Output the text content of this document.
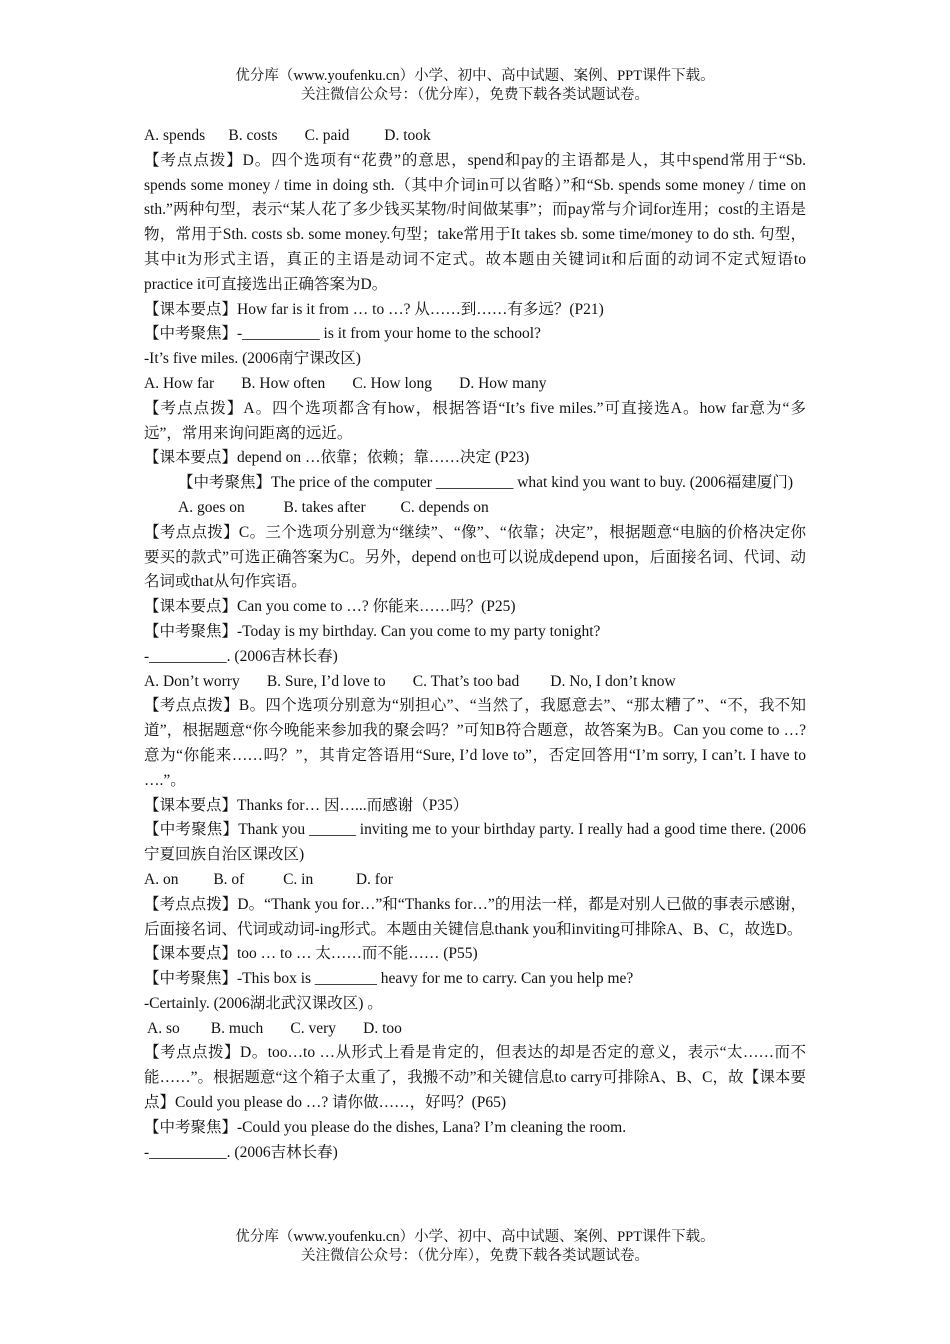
优分库（www.youfenku.cn）小学、初中、高中试题、案例、PPT课件下载。
关注微信公众号：（优分库），免费下载各类试题试卷。

A. spends      B. costs       C. paid         D. took

【考点点拨】D。四个选项有“花费”的意思，spend和pay的主语都是人，其中spend常用于“Sb. spends some money / time in doing sth.（其中介词in可以省略）”和“Sb. spends some money / time on sth.”两种句型，表示“某人花了多少钱买某物/时间做某事”；而pay常与介词for连用；cost的主语是物，常用于Sth. costs sb. some money.句型；take常用于It takes sb. some time/money to do sth. 句型，其中it为形式主语，真正的主语是动词不定式。故本题由关键词it和后面的动词不定式短语to practice it可直接选出正确答案为D。

【课本要点】How far is it from … to …? 从……到……有多远？(P21)

【中考聚焦】-__________ is it from your home to the school?

-It’s five miles. (2006南宁课改区)

A. How far       B. How often       C. How long       D. How many

【考点点拨】A。四个选项都含有how，根据答语“It’s five miles.”可直接选A。how far意为“多远”，常用来询问距离的远近。

【课本要点】depend on …依靠；依赖；靠……决定 (P23)

【中考聚焦】The price of the computer __________ what kind you want to buy. (2006福建厦门)

A. goes on          B. takes after         C. depends on

【考点点拨】C。三个选项分别意为“继续”、“像”、“依靠；决定”，根据题意“电脑的价格决定你要买的款式”可选正确答案为C。另外，depend on也可以说成depend upon，后面接名词、代词、动名词或that从句作宾语。

【课本要点】Can you come to …? 你能来……吗？(P25)

【中考聚焦】-Today is my birthday. Can you come to my party tonight?

-__________. (2006吉林长春)

A. Don’t worry       B. Sure, I’d love to       C. That’s too bad        D. No, I don’t know

【考点点拨】B。四个选项分别意为“别担心”、“当然了，我愿意去”、“那太糟了”、“不，我不知道”，根据题意“你今晚能来参加我的聚会吗？”可知B符合题意，故答案为B。Can you come to …?意为“你能来……吗？”，其肯定答语用“Sure, I’d love to”，否定回答用“I’m sorry, I can’t. I have to ….”。

【课本要点】Thanks for… 因…...而感谢（P35）

【中考聚焦】Thank you ______ inviting me to your birthday party. I really had a good time there. (2006宁夏回族自治区课改区)

A. on         B. of          C. in           D. for

【考点点拨】D。“Thank you for…”和“Thanks for…”的用法一样，都是对别人已做的事表示感谢，后面接名词、代词或动词-ing形式。本题由关键信息thank you和inviting可排除A、B、C，故选D。

【课本要点】too … to … 太……而不能…… (P55)

【中考聚焦】-This box is ________ heavy for me to carry. Can you help me?

-Certainly. (2006湖北武汉课改区) 。

A. so        B. much       C. very       D. too

【考点点拨】D。too…to …从形式上看是肯定的，但表达的却是否定的意义，表示“太……而不能……”。根据题意“这个箱子太重了，我搬不动”和关键信息to carry可排除A、B、C，故【课本要点】Could you please do …? 请你做……，好吗？(P65)

【中考聚焦】-Could you please do the dishes, Lana? I’m cleaning the room.

-__________. (2006吉林长春)

优分库（www.youfenku.cn）小学、初中、高中试题、案例、PPT课件下载。
关注微信公众号：（优分库），免费下载各类试题试卷。
